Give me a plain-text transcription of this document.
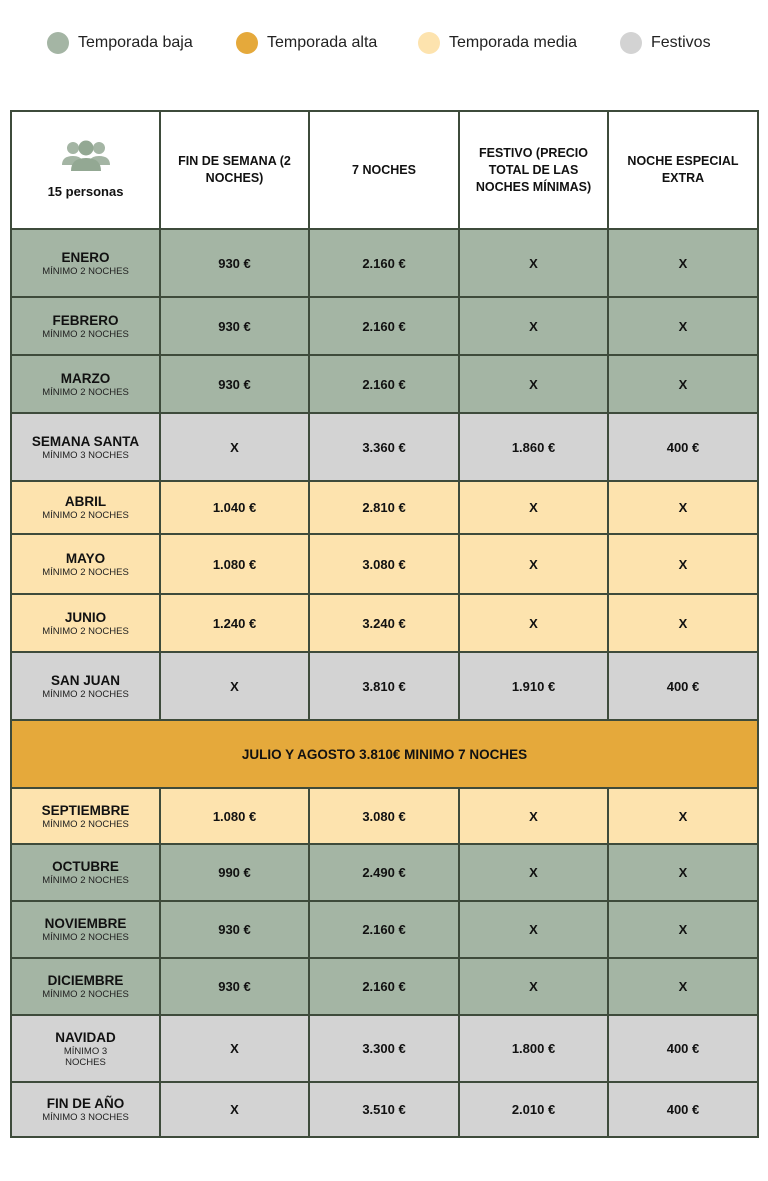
Temporada baja	Temporada alta	Temporada media	Festivos
15 personas	FIN DE SEMANA (2 NOCHES)	7 NOCHES	FESTIVO (PRECIO TOTAL DE LAS NOCHES MÍNIMAS)	NOCHE ESPECIAL EXTRA

ENERO
MÍNIMO 2 NOCHES	930 €	2.160 €	X	X

FEBRERO
MÍNIMO 2 NOCHES	930 €	2.160 €	X	X

MARZO
MÍNIMO 2 NOCHES	930 €	2.160 €	X	X

SEMANA SANTA
MÍNIMO 3 NOCHES	X	3.360 €	1.860 €	400 €

ABRIL
MÍNIMO 2 NOCHES	1.040 €	2.810 €	X	X

MAYO
MÍNIMO 2 NOCHES	1.080 €	3.080 €	X	X

JUNIO
MÍNIMO 2 NOCHES	1.240 €	3.240 €	X	X

SAN JUAN
MÍNIMO 2 NOCHES	X	3.810 €	1.910 €	400 €
JULIO Y AGOSTO 3.810€ MINIMO 7 NOCHES				

SEPTIEMBRE
MÍNIMO 2 NOCHES	1.080 €	3.080 €	X	X

OCTUBRE
MÍNIMO 2 NOCHES	990 €	2.490 €	X	X

NOVIEMBRE
MÍNIMO 2 NOCHES	930 €	2.160 €	X	X

DICIEMBRE
MÍNIMO 2 NOCHES	930 €	2.160 €	X	X

NAVIDAD
MÍNIMO 3 NOCHES	X	3.300 €	1.800 €	400 €

FIN DE AÑO
MÍNIMO 3 NOCHES	X	3.510 €	2.010 €	400 €
